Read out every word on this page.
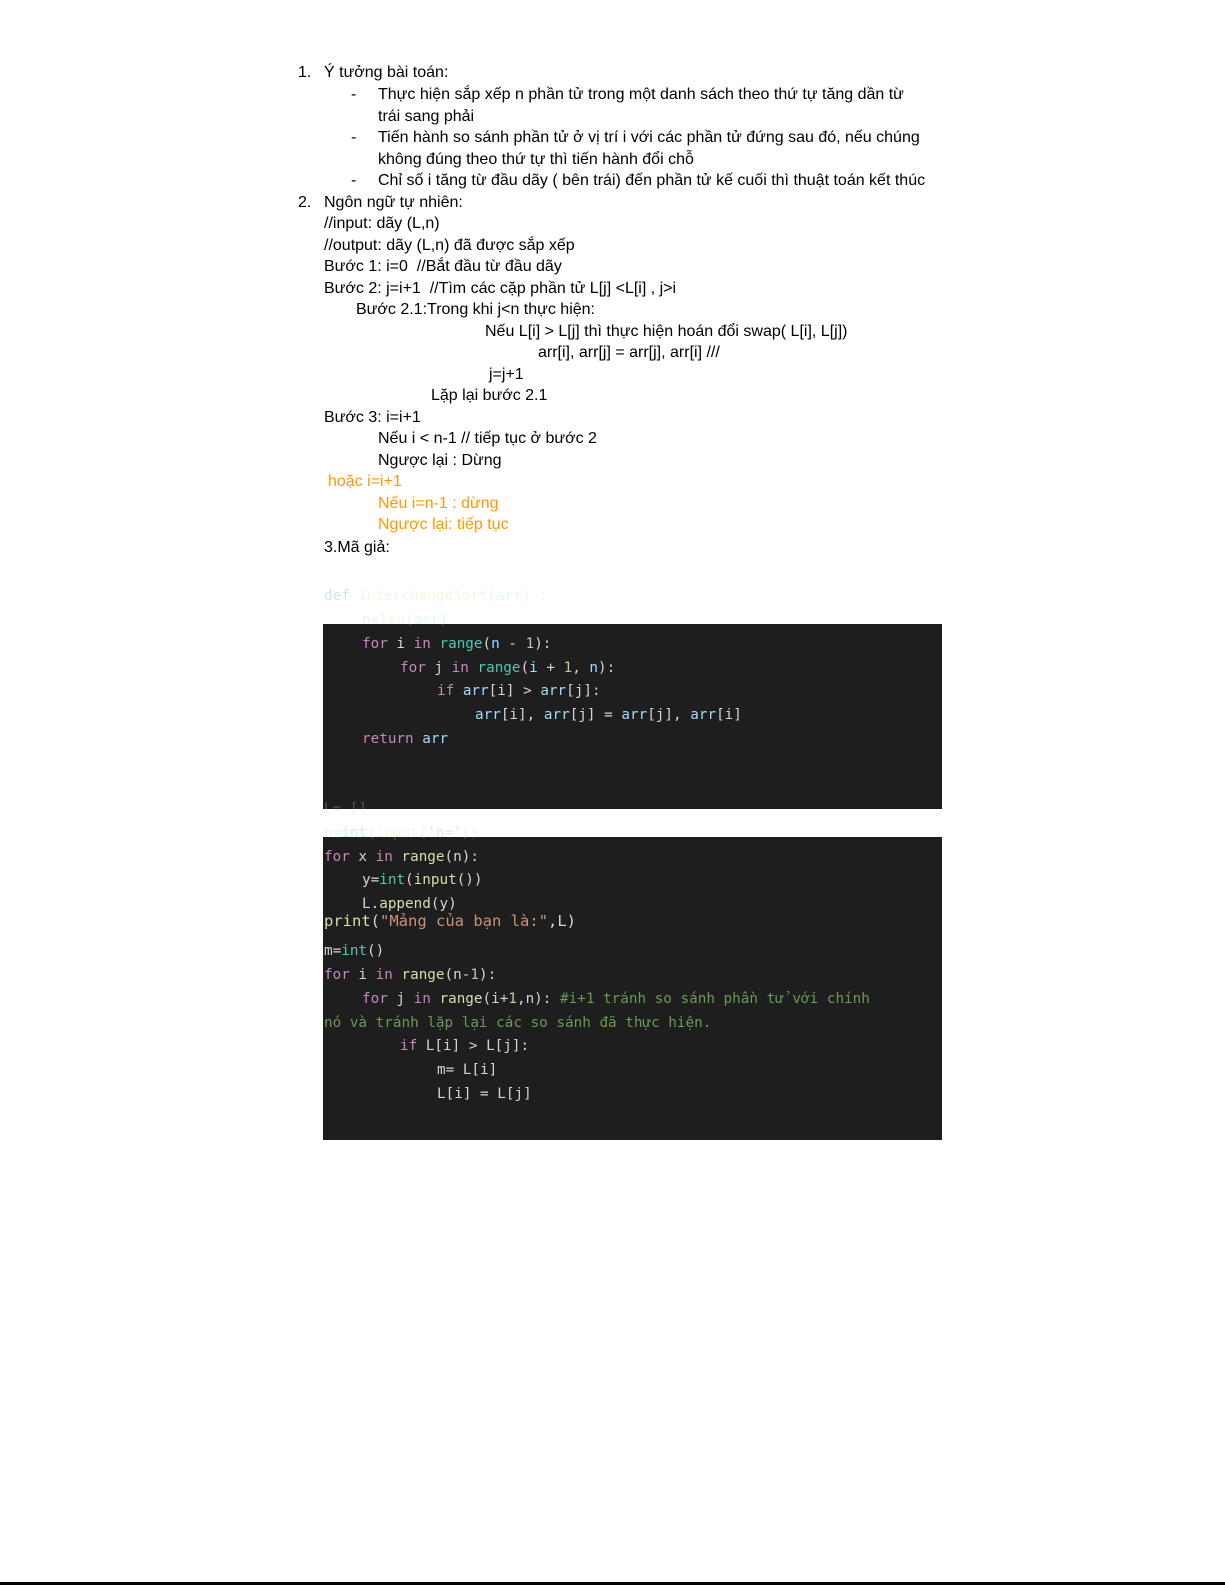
1. Ý tưởng bài toán:
- Thực hiện sắp xếp n phần tử trong một danh sách theo thứ tự tăng dần từ
trái sang phải
- Tiến hành so sánh phần tử ở vị trí i với các phần tử đứng sau đó, nếu chúng
không đúng theo thứ tự thì tiến hành đổi chỗ
- Chỉ số i tăng từ đầu dãy ( bên trái) đến phần tử kế cuối thì thuật toán kết thúc
2. Ngôn ngữ tự nhiên:
//input: dãy (L,n)
//output: dãy (L,n) đã được sắp xếp
Bước 1: i=0  //Bắt đầu từ đầu dãy
Bước 2: j=i+1  //Tìm các cặp phần tử L[j] <L[i] , j>i
Bước 2.1:Trong khi j<n thực hiện:
Nếu L[i] > L[j] thì thực hiện hoán đổi swap( L[i], L[j])
arr[i], arr[j] = arr[j], arr[i] ///
j=j+1
Lặp lại bước 2.1
Bước 3: i=i+1
Nếu i < n-1 // tiếp tục ở bước 2
Ngược lại : Dừng
hoặc i=i+1
Nếu i=n-1 : dừng
Ngược lại: tiếp tục
3.Mã giả:
def InterchangeSort(arr) :
n=len(arr)
for i in range(n - 1):
for j in range(i + 1, n):
if arr[i] > arr[j]:
arr[i], arr[j] = arr[j], arr[i]
return arr
L= []
n=int(input('n='))
for x in range(n):
y=int(input())
L.append(y)
print("Mảng của bạn là:",L)
m=int()
for i in range(n-1):
for j in range(i+1,n): #i+1 tránh so sánh phần tử với chính
nó và tránh lặp lại các so sánh đã thực hiện.
if L[i] > L[j]:
m= L[i]
L[i] = L[j]
